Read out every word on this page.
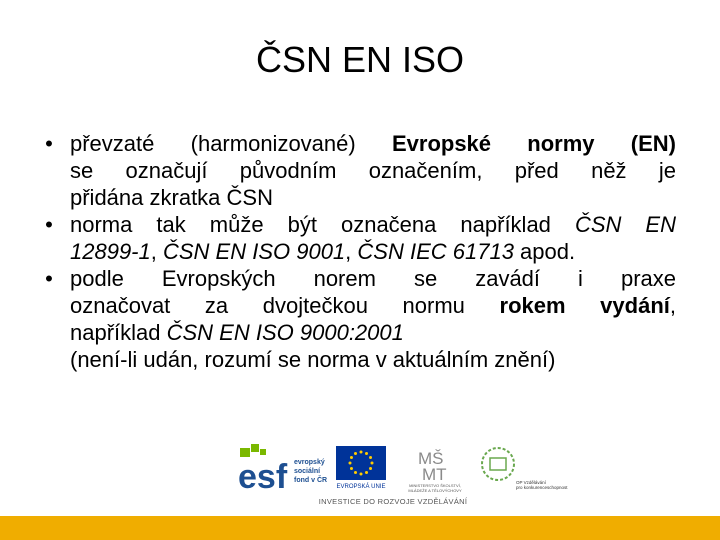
ČSN EN ISO
• převzaté (harmonizované) Evropské normy (EN)
se označují původním označením, před něž je
přidána zkratka ČSN
• norma tak může být označena například ČSN EN
12899-1, ČSN EN ISO 9001, ČSN IEC 61713 apod.
• podle Evropských norem se zavádí i praxe
označovat za dvojtečkou normu rokem vydání,
například ČSN EN ISO 9000:2001
(není-li udán, rozumí se norma v aktuálním znění)
esf evropský
sociální
fond v ČR
EVROPSKÁ UNIE
MŠ
MT
MINISTERSTVO ŠKOLSTVÍ,
MLÁDEŽE A TĚLOVÝCHOVY
OP Vzdělávání
pro konkurenceschopnost
INVESTICE DO ROZVOJE VZDĚLÁVÁNÍ
